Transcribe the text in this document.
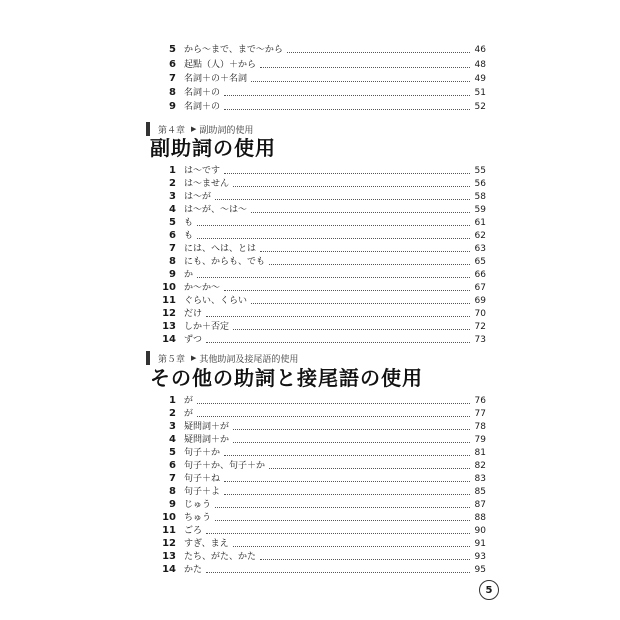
5 から〜まで、まで〜から	46
6 起點（人）＋から	48
7 名詞＋の＋名詞	49
8 名詞＋の	51
9 名詞＋の	52
第４章 ▶ 副助詞的使用
副助詞の使用
1 は〜です	55
2 は〜ません	56
3 は〜が	58
4 は〜が、〜は〜	59
5 も	61
6 も	62
7 には、へは、とは	63
8 にも、からも、でも	65
9 か	66
10 か〜か〜	67
11 ぐらい、くらい	69
12 だけ	70
13 しか＋否定	72
14 ずつ	73
第５章 ▶ 其他助詞及接尾語的使用
その他の助詞と接尾語の使用
1 が	76
2 が	77
3 疑問詞＋が	78
4 疑問詞＋か	79
5 句子＋か	81
6 句子＋か、句子＋か	82
7 句子＋ね	83
8 句子＋よ	85
9 じゅう	87
10 ちゅう	88
11 ごろ	90
12 すぎ、まえ	91
13 たち、がた、かた	93
14 かた	95
5
